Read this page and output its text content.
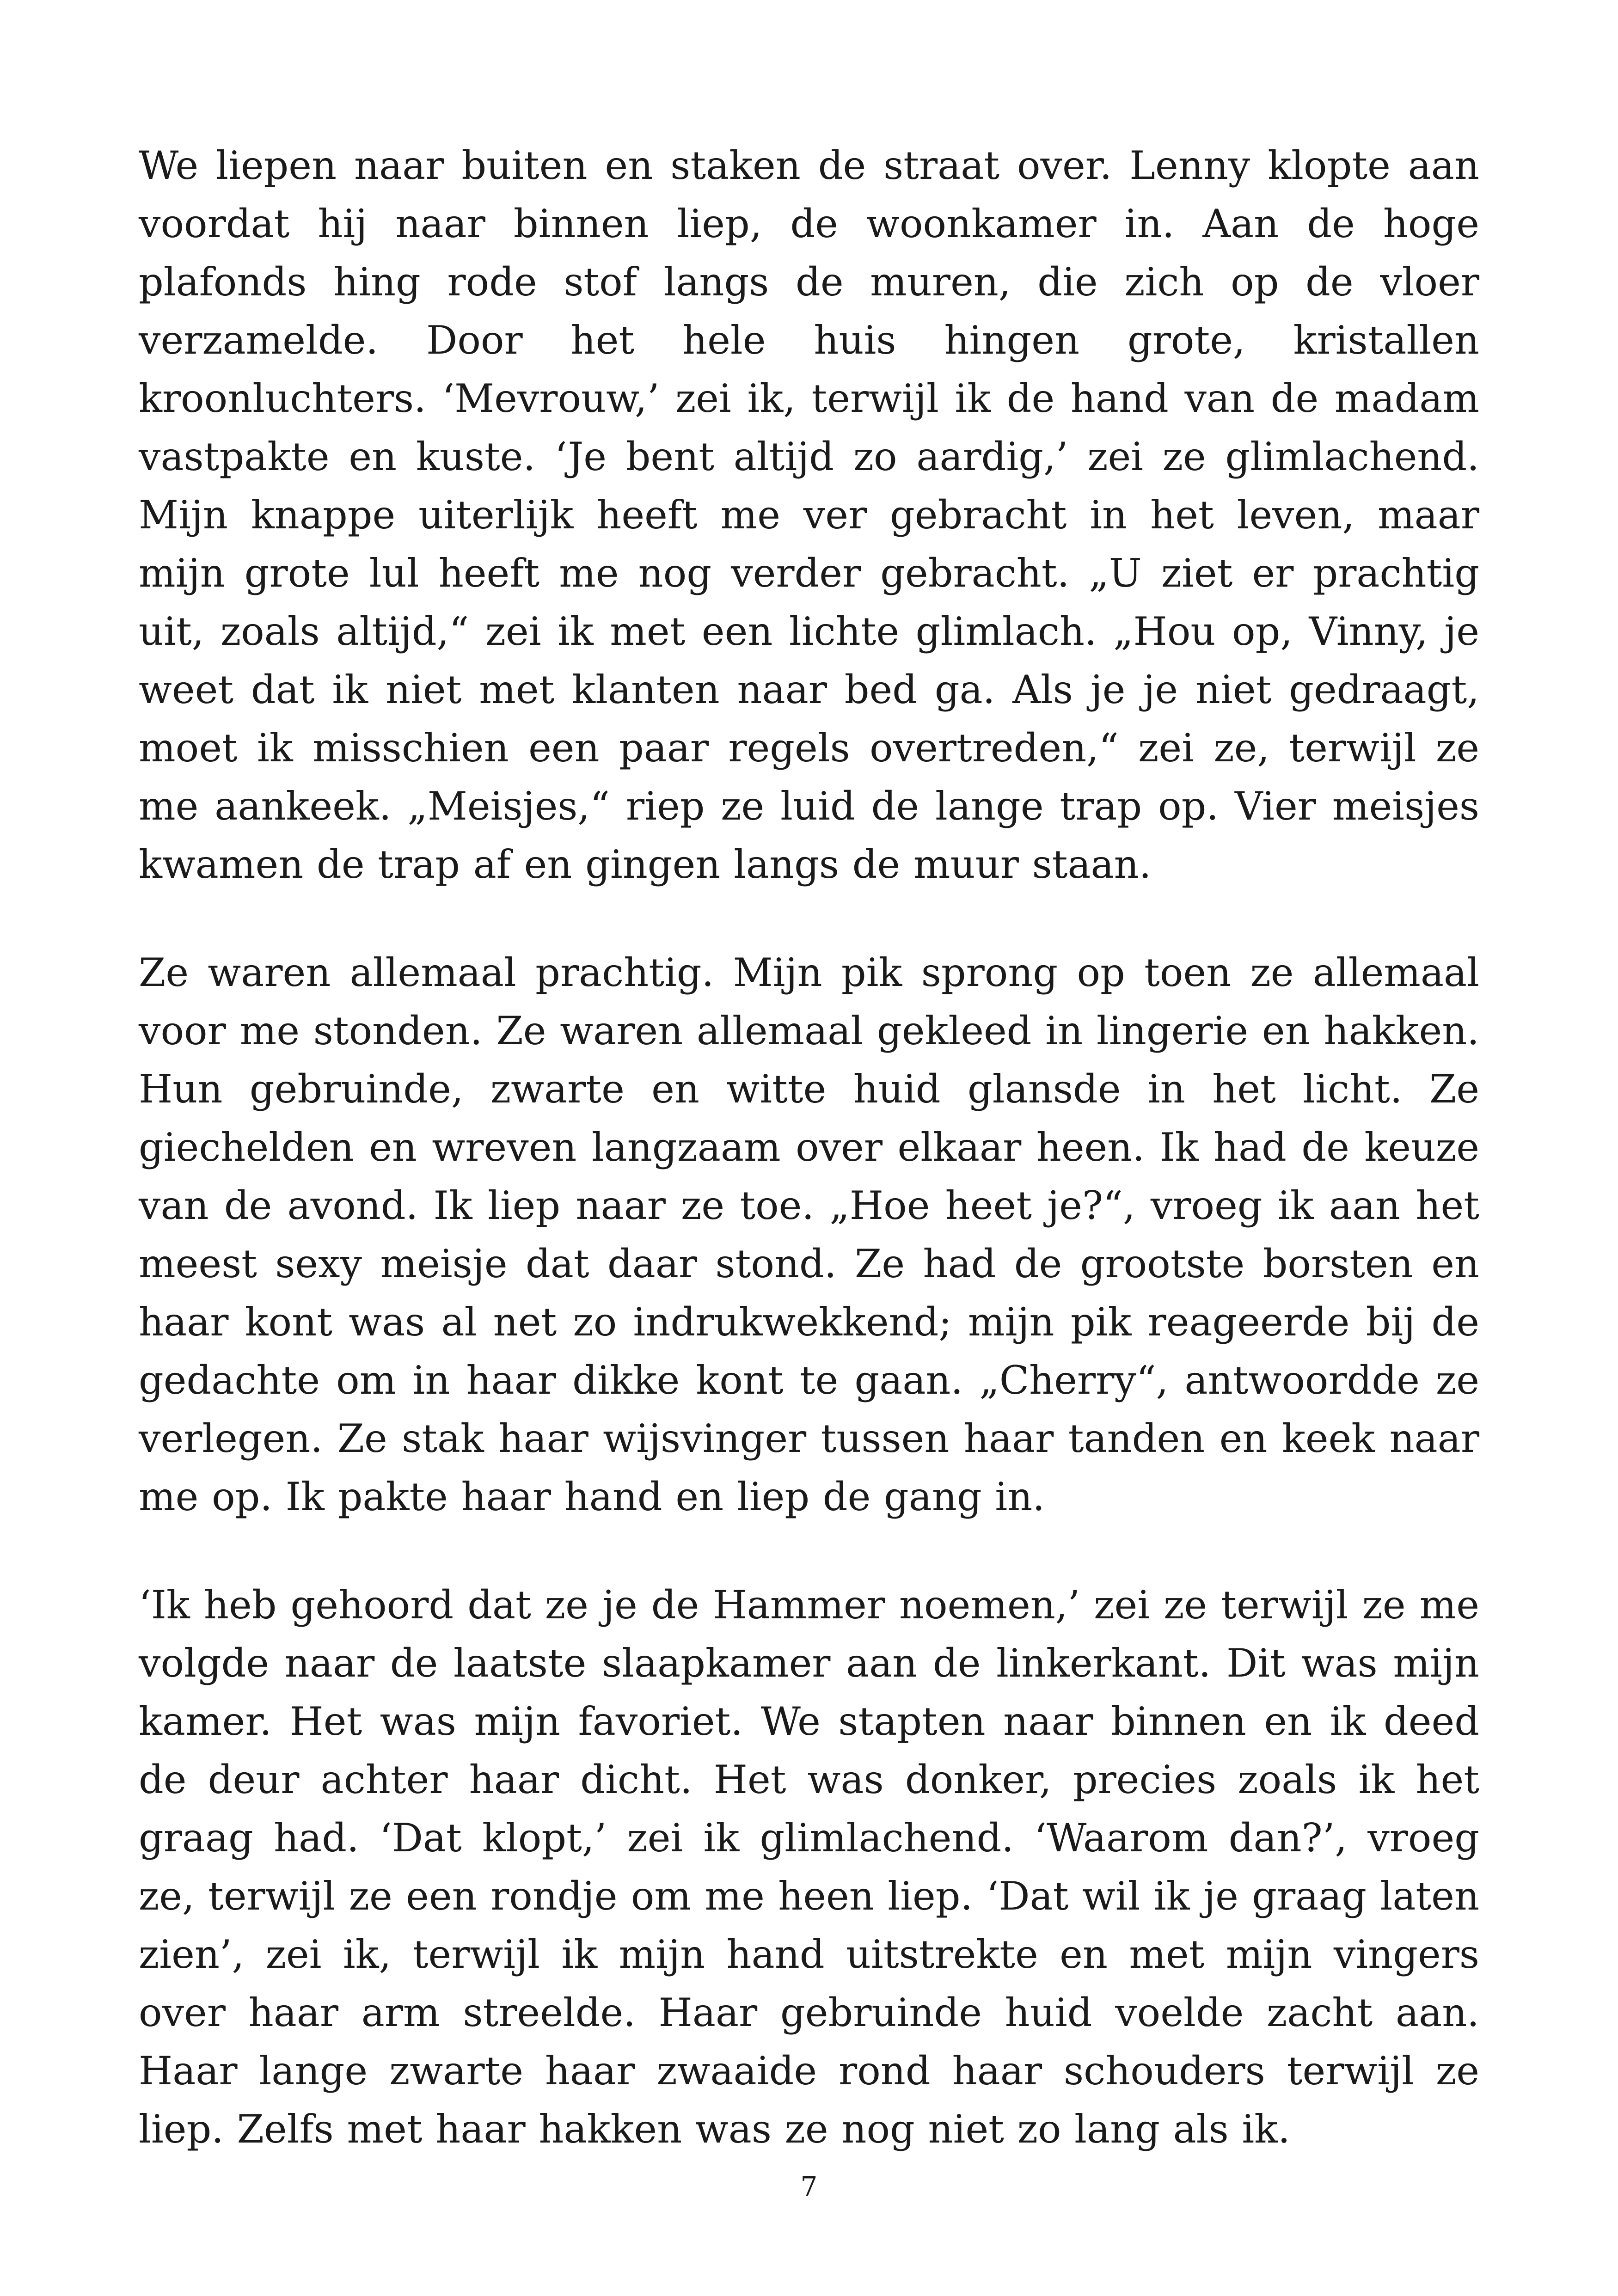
We liepen naar buiten en staken de straat over. Lenny klopte aan voordat hij naar binnen liep, de woonkamer in. Aan de hoge plafonds hing rode stof langs de muren, die zich op de vloer verzamelde. Door het hele huis hingen grote, kristallen kroonluchters. ‘Mevrouw,’ zei ik, terwijl ik de hand van de madam vastpakte en kuste. ‘Je bent altijd zo aardig,’ zei ze glimlachend. Mijn knappe uiterlijk heeft me ver gebracht in het leven, maar mijn grote lul heeft me nog verder gebracht. „U ziet er prachtig uit, zoals altijd,“ zei ik met een lichte glimlach. „Hou op, Vinny, je weet dat ik niet met klanten naar bed ga. Als je je niet gedraagt, moet ik misschien een paar regels overtreden,“ zei ze, terwijl ze me aankeek. „Meisjes,“ riep ze luid de lange trap op. Vier meisjes kwamen de trap af en gingen langs de muur staan.

Ze waren allemaal prachtig. Mijn pik sprong op toen ze allemaal voor me stonden. Ze waren allemaal gekleed in lingerie en hakken. Hun gebruinde, zwarte en witte huid glansde in het licht. Ze giechelden en wreven langzaam over elkaar heen. Ik had de keuze van de avond. Ik liep naar ze toe. „Hoe heet je?“, vroeg ik aan het meest sexy meisje dat daar stond. Ze had de grootste borsten en haar kont was al net zo indrukwekkend; mijn pik reageerde bij de gedachte om in haar dikke kont te gaan. „Cherry“, antwoordde ze verlegen. Ze stak haar wijsvinger tussen haar tanden en keek naar me op. Ik pakte haar hand en liep de gang in.

‘Ik heb gehoord dat ze je de Hammer noemen,’ zei ze terwijl ze me volgde naar de laatste slaapkamer aan de linkerkant. Dit was mijn kamer. Het was mijn favoriet. We stapten naar binnen en ik deed de deur achter haar dicht. Het was donker, precies zoals ik het graag had. ‘Dat klopt,’ zei ik glimlachend. ‘Waarom dan?’, vroeg ze, terwijl ze een rondje om me heen liep. ‘Dat wil ik je graag laten zien’, zei ik, terwijl ik mijn hand uitstrekte en met mijn vingers over haar arm streelde. Haar gebruinde huid voelde zacht aan. Haar lange zwarte haar zwaaide rond haar schouders terwijl ze liep. Zelfs met haar hakken was ze nog niet zo lang als ik.

7
